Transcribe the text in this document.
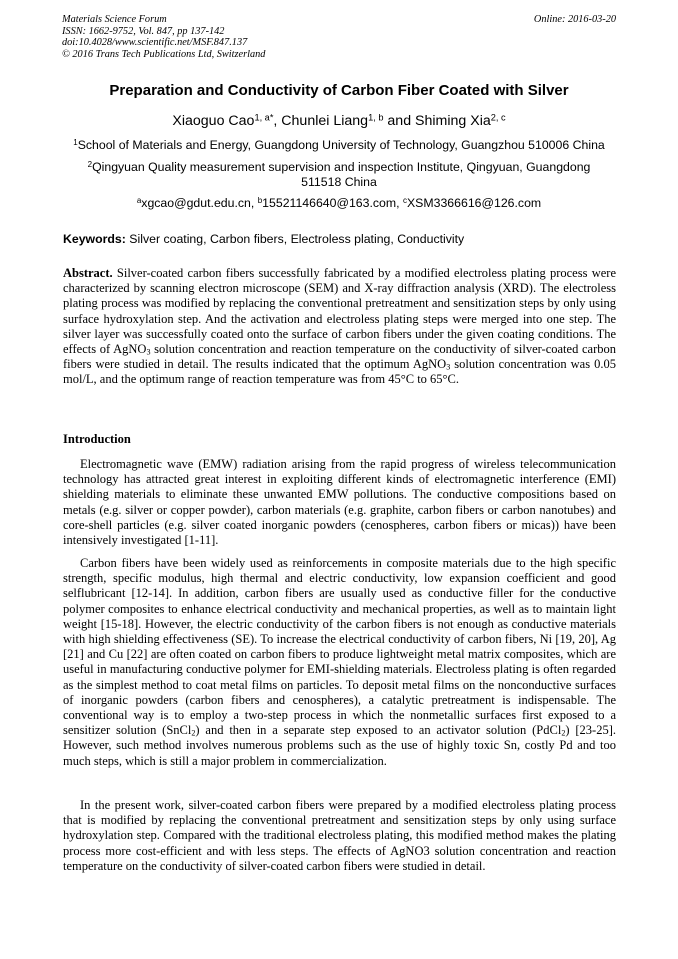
Materials Science Forum
ISSN: 1662-9752, Vol. 847, pp 137-142
doi:10.4028/www.scientific.net/MSF.847.137
© 2016 Trans Tech Publications Ltd, Switzerland
Online: 2016-03-20
Preparation and Conductivity of Carbon Fiber Coated with Silver
Xiaoguo Cao$^{1, a*}$, Chunlei Liang$^{1, b}$ and Shiming Xia$^{2, c}$
$^1$School of Materials and Energy, Guangdong University of Technology, Guangzhou 510006 China
$^2$Qingyuan Quality measurement supervision and inspection Institute, Qingyuan, Guangdong
511518 China
$^a$xgcao@gdut.edu.cn, $^b$15521146640@163.com, $^c$XSM3366616@126.com
Keywords: Silver coating, Carbon fibers, Electroless plating, Conductivity

Abstract. Silver-coated carbon fibers successfully fabricated by a modified electroless plating process were characterized by scanning electron microscope (SEM) and X-ray diffraction analysis (XRD). The electroless plating process was modified by replacing the conventional pretreatment and sensitization steps by only using surface hydroxylation step. And the activation and electroless plating steps were merged into one step. The silver layer was successfully coated onto the surface of carbon fibers under the given coating conditions. The effects of AgNO$_3$ solution concentration and reaction temperature on the conductivity of silver-coated carbon fibers were studied in detail. The results indicated that the optimum AgNO$_3$ solution concentration was 0.05 mol/L, and the optimum range of reaction temperature was from 45°C to 65°C.

Introduction

Electromagnetic wave (EMW) radiation arising from the rapid progress of wireless telecommunication technology has attracted great interest in exploiting different kinds of electromagnetic interference (EMI) shielding materials to eliminate these unwanted EMW pollutions. The conductive compositions based on metals (e.g. silver or copper powder), carbon materials (e.g. graphite, carbon fibers or carbon nanotubes) and core-shell particles (e.g. silver coated inorganic powders (cenospheres, carbon fibers or micas)) have been intensively investigated [1-11].

Carbon fibers have been widely used as reinforcements in composite materials due to the high specific strength, specific modulus, high thermal and electric conductivity, low expansion coefficient and good selflubricant [12-14]. In addition, carbon fibers are usually used as conductive filler for the conductive polymer composites to enhance electrical conductivity and mechanical properties, as well as to maintain light weight [15-18]. However, the electric conductivity of the carbon fibers is not enough as conductive materials with high shielding effectiveness (SE). To increase the electrical conductivity of carbon fibers, Ni [19, 20], Ag [21] and Cu [22] are often coated on carbon fibers to produce lightweight metal matrix composites, which are useful in manufacturing conductive polymer for EMI-shielding materials. Electroless plating is often regarded as the simplest method to coat metal films on particles. To deposit metal films on the nonconductive surfaces of inorganic powders (carbon fibers and cenospheres), a catalytic pretreatment is indispensable. The conventional way is to employ a two-step process in which the nonmetallic surfaces first exposed to a sensitizer solution (SnCl$_2$) and then in a separate step exposed to an activator solution (PdCl$_2$) [23-25]. However, such method involves numerous problems such as the use of highly toxic Sn, costly Pd and too much steps, which is still a major problem in commercialization.

In the present work, silver-coated carbon fibers were prepared by a modified electroless plating process that is modified by replacing the conventional pretreatment and sensitization steps by only using surface hydroxylation step. Compared with the traditional electroless plating, this modified method makes the plating process more cost-efficient and with less steps. The effects of AgNO3 solution concentration and reaction temperature on the conductivity of silver-coated carbon fibers were studied in detail.
